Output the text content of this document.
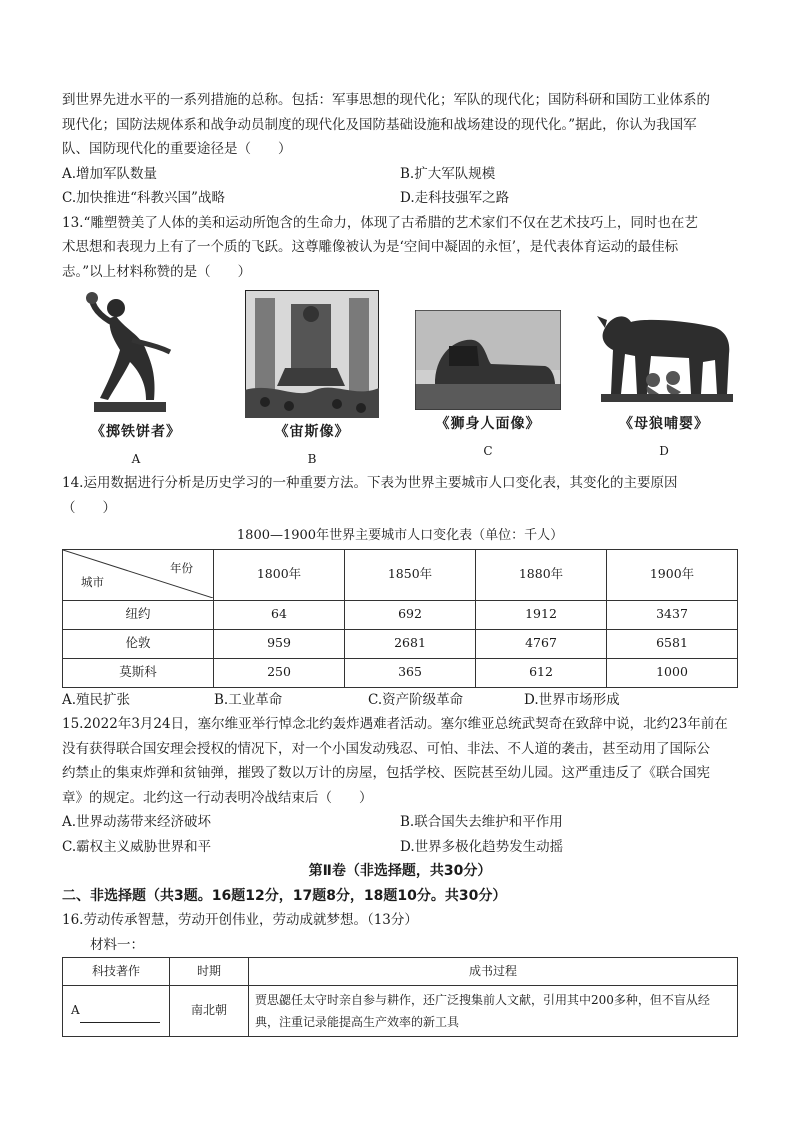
到世界先进水平的一系列措施的总称。包括：军事思想的现代化；军队的现代化；国防科研和国防工业体系的

现代化；国防法规体系和战争动员制度的现代化及国防基础设施和战场建设的现代化。”据此，你认为我国军

队、国防现代化的重要途径是（　　）

A.增加军队数量	B.扩大军队规模
C.加快推进“科教兴国”战略	D.走科技强军之路

13.“雕塑赞美了人体的美和运动所饱含的生命力，体现了古希腊的艺术家们不仅在艺术技巧上，同时也在艺

术思想和表现力上有了一个质的飞跃。这尊雕像被认为是‘空间中凝固的永恒’，是代表体育运动的最佳标

志。”以上材料称赞的是（　　）

《掷铁饼者》
A
《宙斯像》
B
《狮身人面像》
C
《母狼哺婴》
D

14.运用数据进行分析是历史学习的一种重要方法。下表为世界主要城市人口变化表，其变化的主要原因

（　　）

1800—1900年世界主要城市人口变化表（单位：千人）
年份
城市	1800年	1850年	1880年	1900年
纽约	64	692	1912	3437
伦敦	959	2681	4767	6581
莫斯科	250	365	612	1000
A.殖民扩张	B.工业革命	C.资产阶级革命	D.世界市场形成

15.2022年3月24日，塞尔维亚举行悼念北约轰炸遇难者活动。塞尔维亚总统武契奇在致辞中说，北约23年前在

没有获得联合国安理会授权的情况下，对一个小国发动残忍、可怕、非法、不人道的袭击，甚至动用了国际公

约禁止的集束炸弹和贫铀弹，摧毁了数以万计的房屋，包括学校、医院甚至幼儿园。这严重违反了《联合国宪

章》的规定。北约这一行动表明冷战结束后（　　）

A.世界动荡带来经济破坏	B.联合国失去维护和平作用
C.霸权主义威胁世界和平	D.世界多极化趋势发生动摇

第Ⅱ卷（非选择题，共30分）

二、非选择题（共3题。16题12分，17题8分，18题10分。共30分）

16.劳动传承智慧，劳动开创伟业，劳动成就梦想。（13分）

材料一：

科技著作	时期	成书过程
A	南北朝	贾思勰任太守时亲自参与耕作，还广泛搜集前人文献，引用其中200多种，但不盲从经典，注重记录能提高生产效率的新工具
